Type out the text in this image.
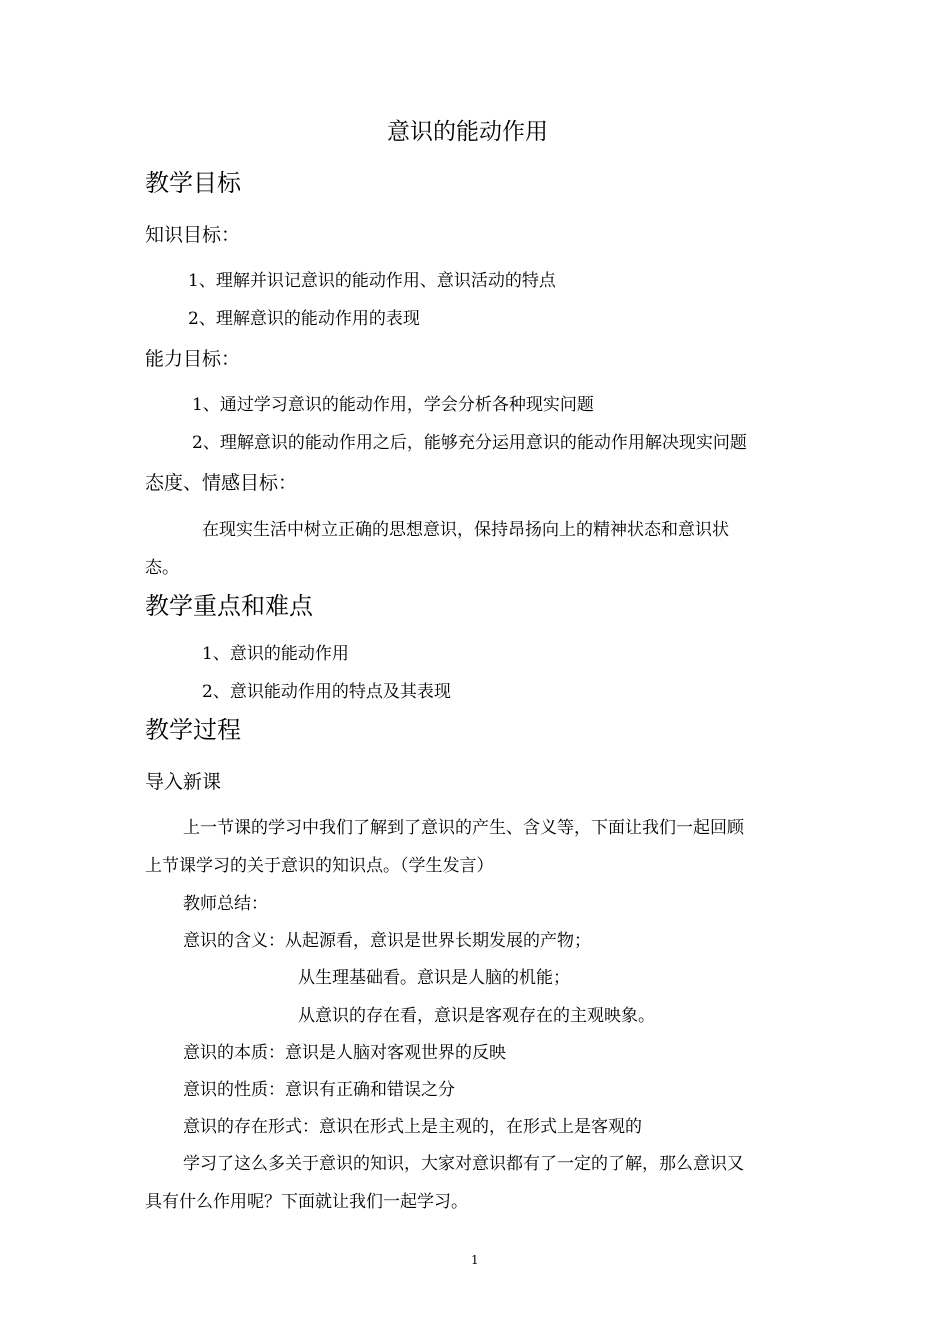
意识的能动作用
教学目标
知识目标：
1、理解并识记意识的能动作用、意识活动的特点
2、理解意识的能动作用的表现
能力目标：
1、通过学习意识的能动作用，学会分析各种现实问题
2、理解意识的能动作用之后，能够充分运用意识的能动作用解决现实问题
态度、情感目标：
在现实生活中树立正确的思想意识，保持昂扬向上的精神状态和意识状
态。
教学重点和难点
1、意识的能动作用
2、意识能动作用的特点及其表现
教学过程
导入新课
上一节课的学习中我们了解到了意识的产生、含义等，下面让我们一起回顾
上节课学习的关于意识的知识点。（学生发言）
教师总结：
意识的含义：从起源看，意识是世界长期发展的产物；
从生理基础看。意识是人脑的机能；
从意识的存在看，意识是客观存在的主观映象。
意识的本质：意识是人脑对客观世界的反映
意识的性质：意识有正确和错误之分
意识的存在形式：意识在形式上是主观的，在形式上是客观的
学习了这么多关于意识的知识，大家对意识都有了一定的了解，那么意识又
具有什么作用呢？下面就让我们一起学习。
1
